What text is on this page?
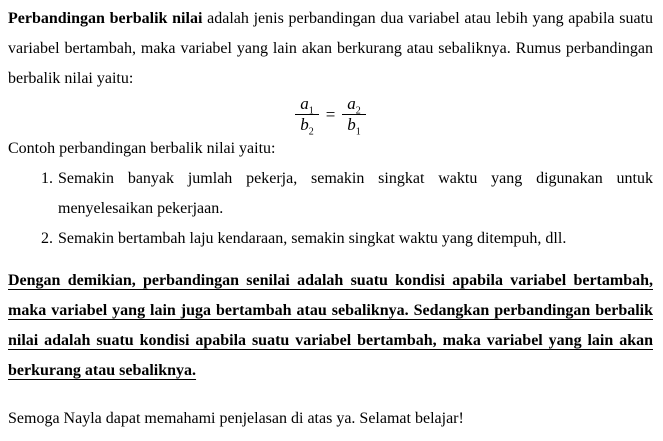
Perbandingan berbalik nilai adalah jenis perbandingan dua variabel atau lebih yang apabila suatu variabel bertambah, maka variabel yang lain akan berkurang atau sebaliknya. Rumus perbandingan berbalik nilai yaitu:

$\frac{a_1}{b_2} = \frac{a_2}{b_1}$

Contoh perbandingan berbalik nilai yaitu:

1. Semakin banyak jumlah pekerja, semakin singkat waktu yang digunakan untuk menyelesaikan pekerjaan.
2. Semakin bertambah laju kendaraan, semakin singkat waktu yang ditempuh, dll.

Dengan demikian, perbandingan senilai adalah suatu kondisi apabila variabel bertambah, maka variabel yang lain juga bertambah atau sebaliknya. Sedangkan perbandingan berbalik nilai adalah suatu kondisi apabila suatu variabel bertambah, maka variabel yang lain akan berkurang atau sebaliknya.

Semoga Nayla dapat memahami penjelasan di atas ya. Selamat belajar!
